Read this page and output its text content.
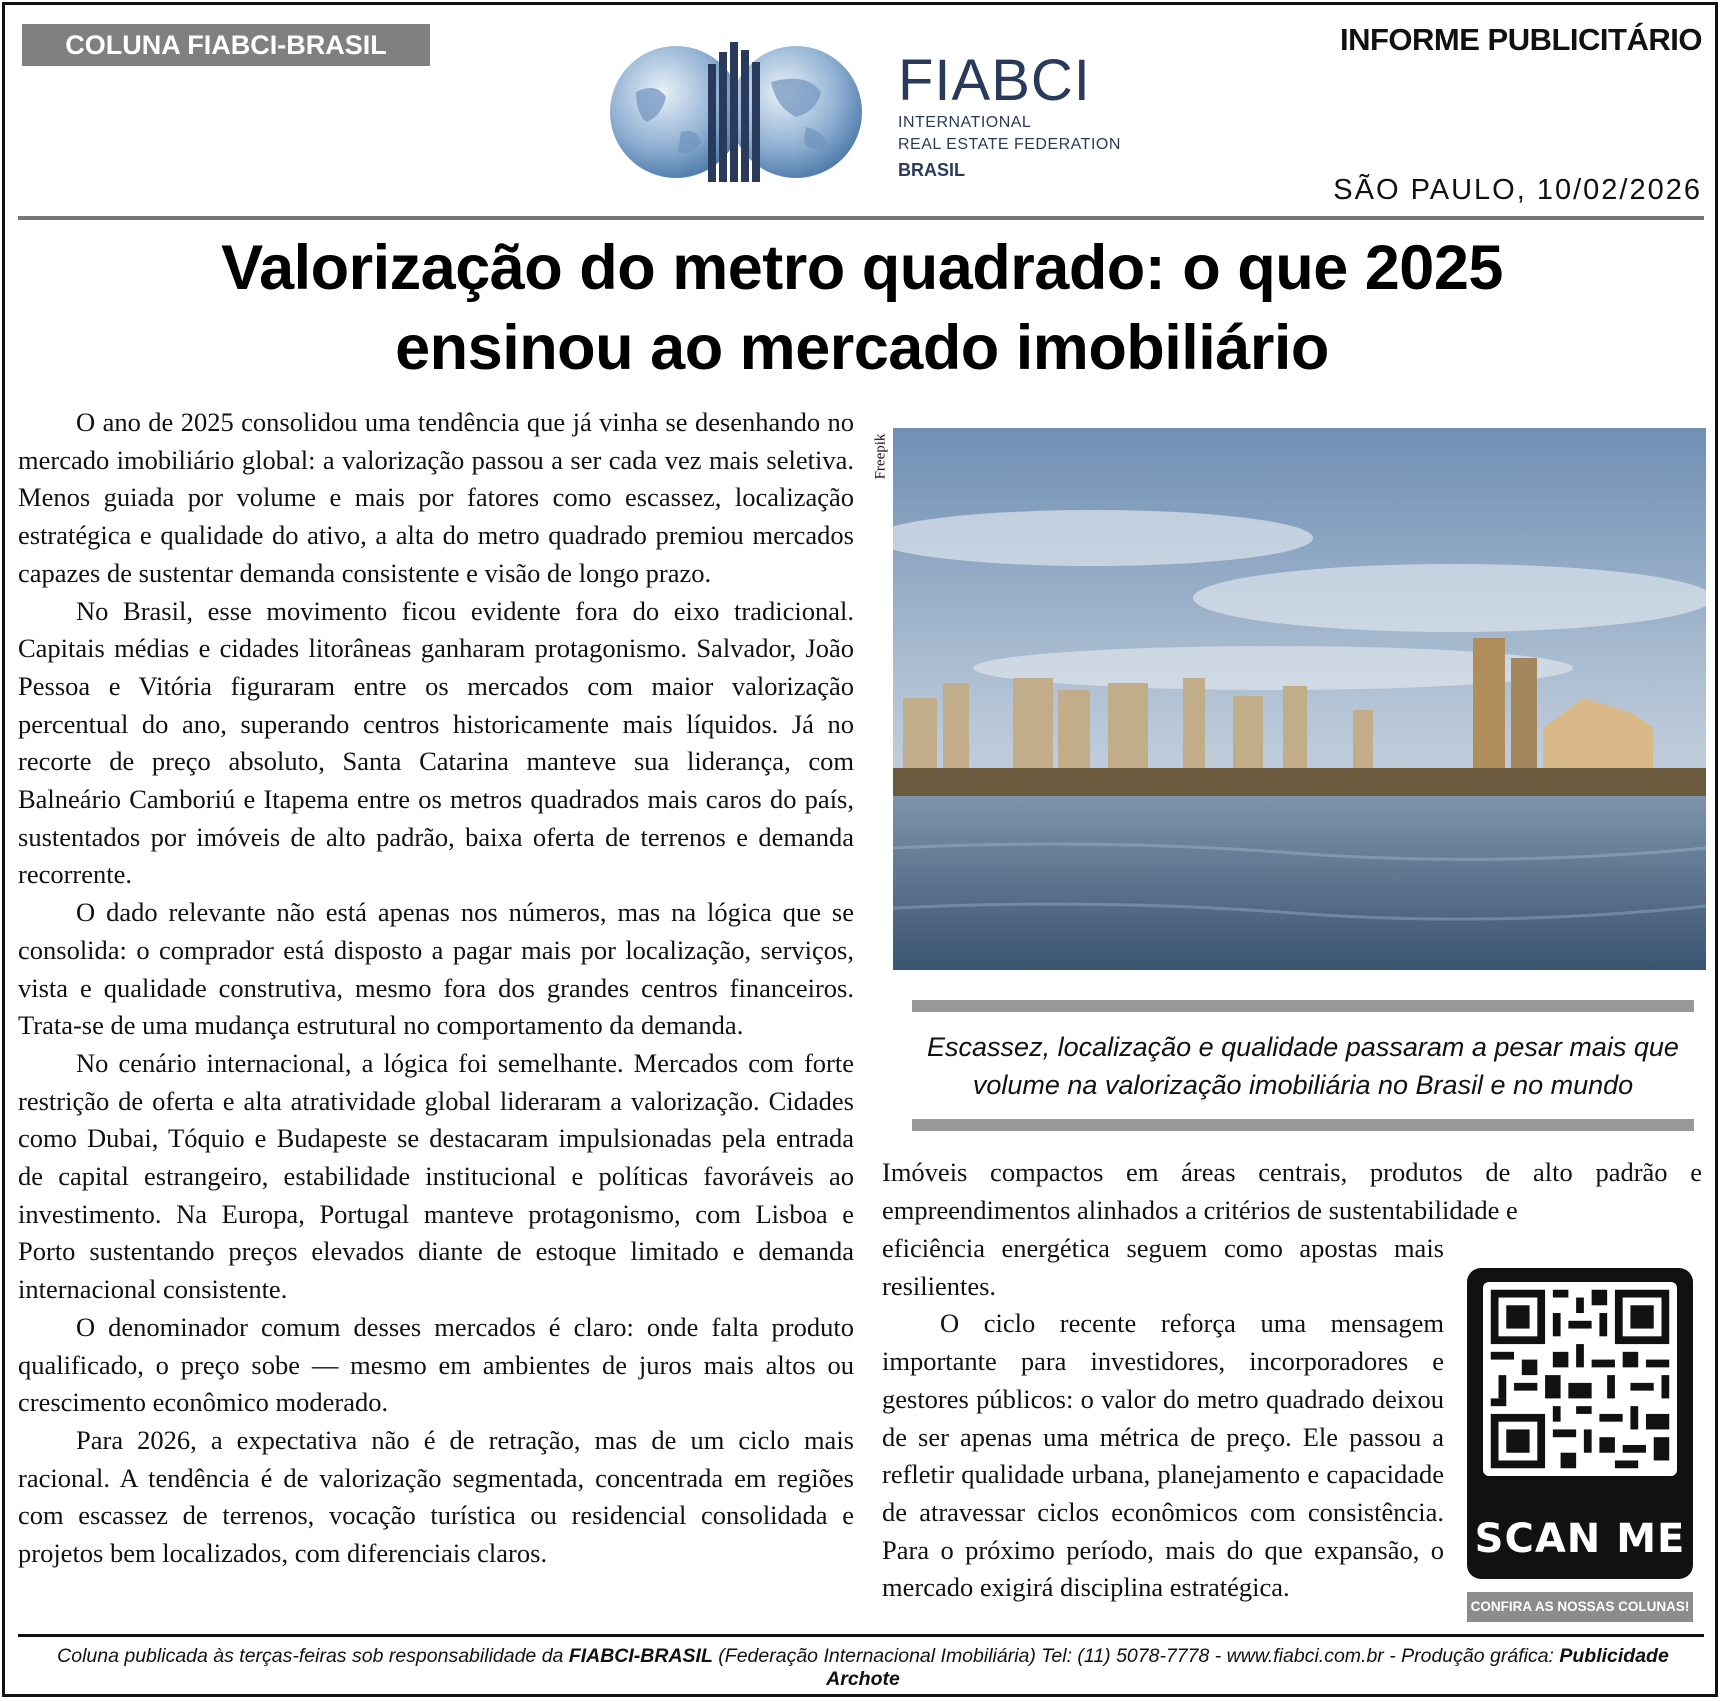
COLUNA FIABCI-BRASIL	INFORME PUBLICITÁRIO
FIABCI
INTERNATIONAL
REAL ESTATE FEDERATION
BRASIL
SÃO PAULO, 10/02/2026
Valorização do metro quadrado: o que 2025
ensinou ao mercado imobiliário

O ano de 2025 consolidou uma tendência que já vinha se desenhando no mercado imobiliário global: a valorização passou a ser cada vez mais seletiva. Menos guiada por volume e mais por fatores como escassez, localização estratégica e qualidade do ativo, a alta do metro quadrado premiou mercados capazes de sustentar demanda consistente e visão de longo prazo.

No Brasil, esse movimento ficou evidente fora do eixo tradicional. Capitais médias e cidades litorâneas ganharam protagonismo. Salvador, João Pessoa e Vitória figuraram entre os mercados com maior valorização percentual do ano, superando centros historicamente mais líquidos. Já no recorte de preço absoluto, Santa Catarina manteve sua liderança, com Balneário Camboriú e Itapema entre os metros quadrados mais caros do país, sustentados por imóveis de alto padrão, baixa oferta de terrenos e demanda recorrente.

O dado relevante não está apenas nos números, mas na lógica que se consolida: o comprador está disposto a pagar mais por localização, serviços, vista e qualidade construtiva, mesmo fora dos grandes centros financeiros. Trata-se de uma mudança estrutural no comportamento da demanda.

No cenário internacional, a lógica foi semelhante. Mercados com forte restrição de oferta e alta atratividade global lideraram a valorização. Cidades como Dubai, Tóquio e Budapeste se destacaram impulsionadas pela entrada de capital estrangeiro, estabilidade institucional e políticas favoráveis ao investimento. Na Europa, Portugal manteve protagonismo, com Lisboa e Porto sustentando preços elevados diante de estoque limitado e demanda internacional consistente.

O denominador comum desses mercados é claro: onde falta produto qualificado, o preço sobe — mesmo em ambientes de juros mais altos ou crescimento econômico moderado.

Para 2026, a expectativa não é de retração, mas de um ciclo mais racional. A tendência é de valorização segmentada, concentrada em regiões com escassez de terrenos, vocação turística ou residencial consolidada e projetos bem localizados, com diferenciais claros.

Freepik
Escassez, localização e qualidade passaram a pesar mais que volume na valorização imobiliária no Brasil e no mundo

Imóveis compactos em áreas centrais, produtos de alto padrão e empreendimentos alinhados a critérios de sustentabilidade e

eficiência energética seguem como apostas mais resilientes.

O ciclo recente reforça uma mensagem importante para investidores, incorporadores e gestores públicos: o valor do metro quadrado deixou de ser apenas uma métrica de preço. Ele passou a refletir qualidade urbana, planejamento e capacidade de atravessar ciclos econômicos com consistência. Para o próximo período, mais do que expansão, o mercado exigirá disciplina estratégica.

SCAN ME
CONFIRA AS NOSSAS COLUNAS!
Coluna publicada às terças-feiras sob responsabilidade da FIABCI-BRASIL (Federação Internacional Imobiliária) Tel: (11) 5078-7778 - www.fiabci.com.br - Produção gráfica: Publicidade Archote
